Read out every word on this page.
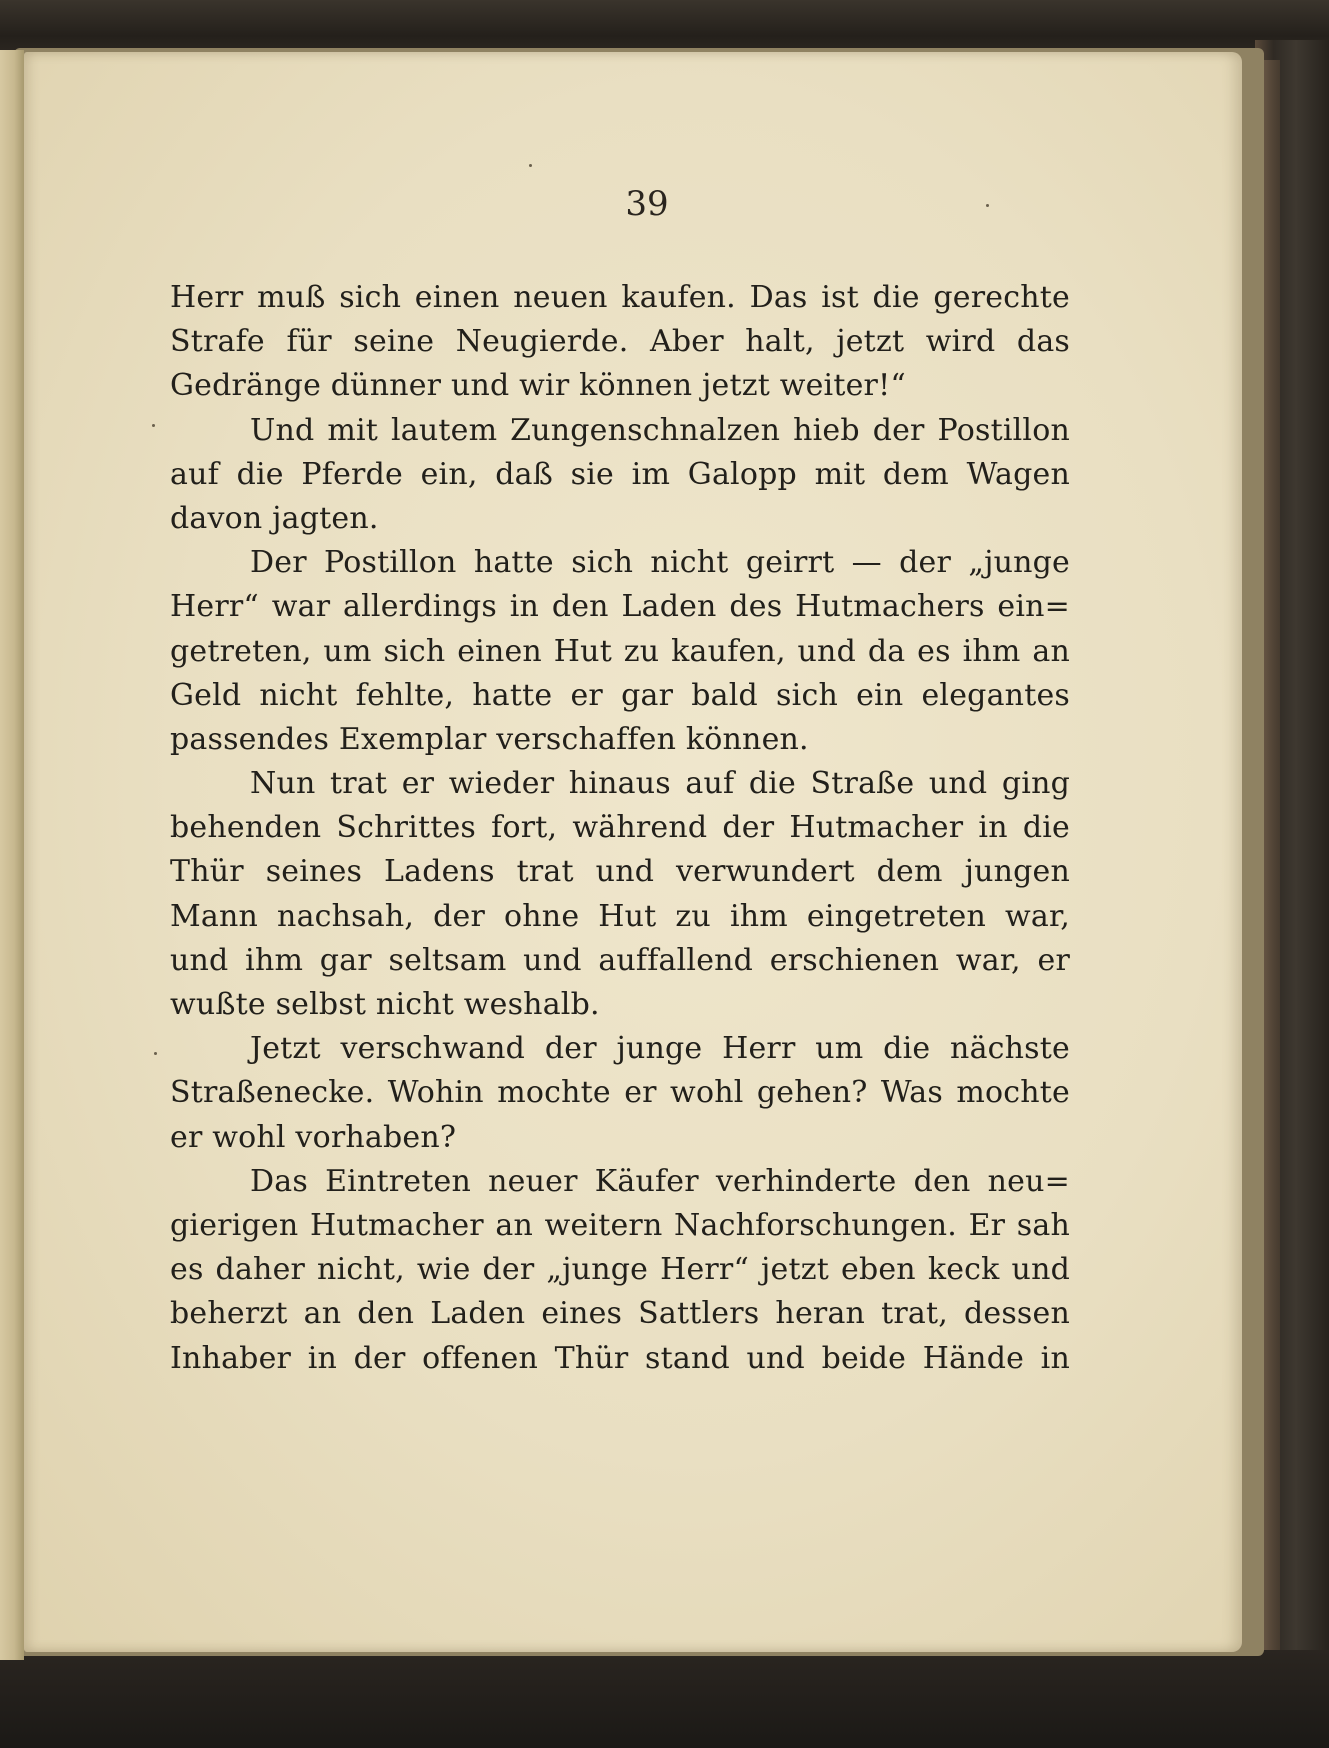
39
Herr muß sich einen neuen kaufen. Das ist die gerechte
Strafe für seine Neugierde. Aber halt, jetzt wird das
Gedränge dünner und wir können jetzt weiter!“
Und mit lautem Zungenschnalzen hieb der Postillon
auf die Pferde ein, daß sie im Galopp mit dem Wagen
davon jagten.
Der Postillon hatte sich nicht geirrt — der „junge
Herr“ war allerdings in den Laden des Hutmachers ein=
getreten, um sich einen Hut zu kaufen, und da es ihm an
Geld nicht fehlte, hatte er gar bald sich ein elegantes
passendes Exemplar verschaffen können.
Nun trat er wieder hinaus auf die Straße und ging
behenden Schrittes fort, während der Hutmacher in die
Thür seines Ladens trat und verwundert dem jungen
Mann nachsah, der ohne Hut zu ihm eingetreten war,
und ihm gar seltsam und auffallend erschienen war, er
wußte selbst nicht weshalb.
Jetzt verschwand der junge Herr um die nächste
Straßenecke. Wohin mochte er wohl gehen? Was mochte
er wohl vorhaben?
Das Eintreten neuer Käufer verhinderte den neu=
gierigen Hutmacher an weitern Nachforschungen. Er sah
es daher nicht, wie der „junge Herr“ jetzt eben keck und
beherzt an den Laden eines Sattlers heran trat, dessen
Inhaber in der offenen Thür stand und beide Hände in
